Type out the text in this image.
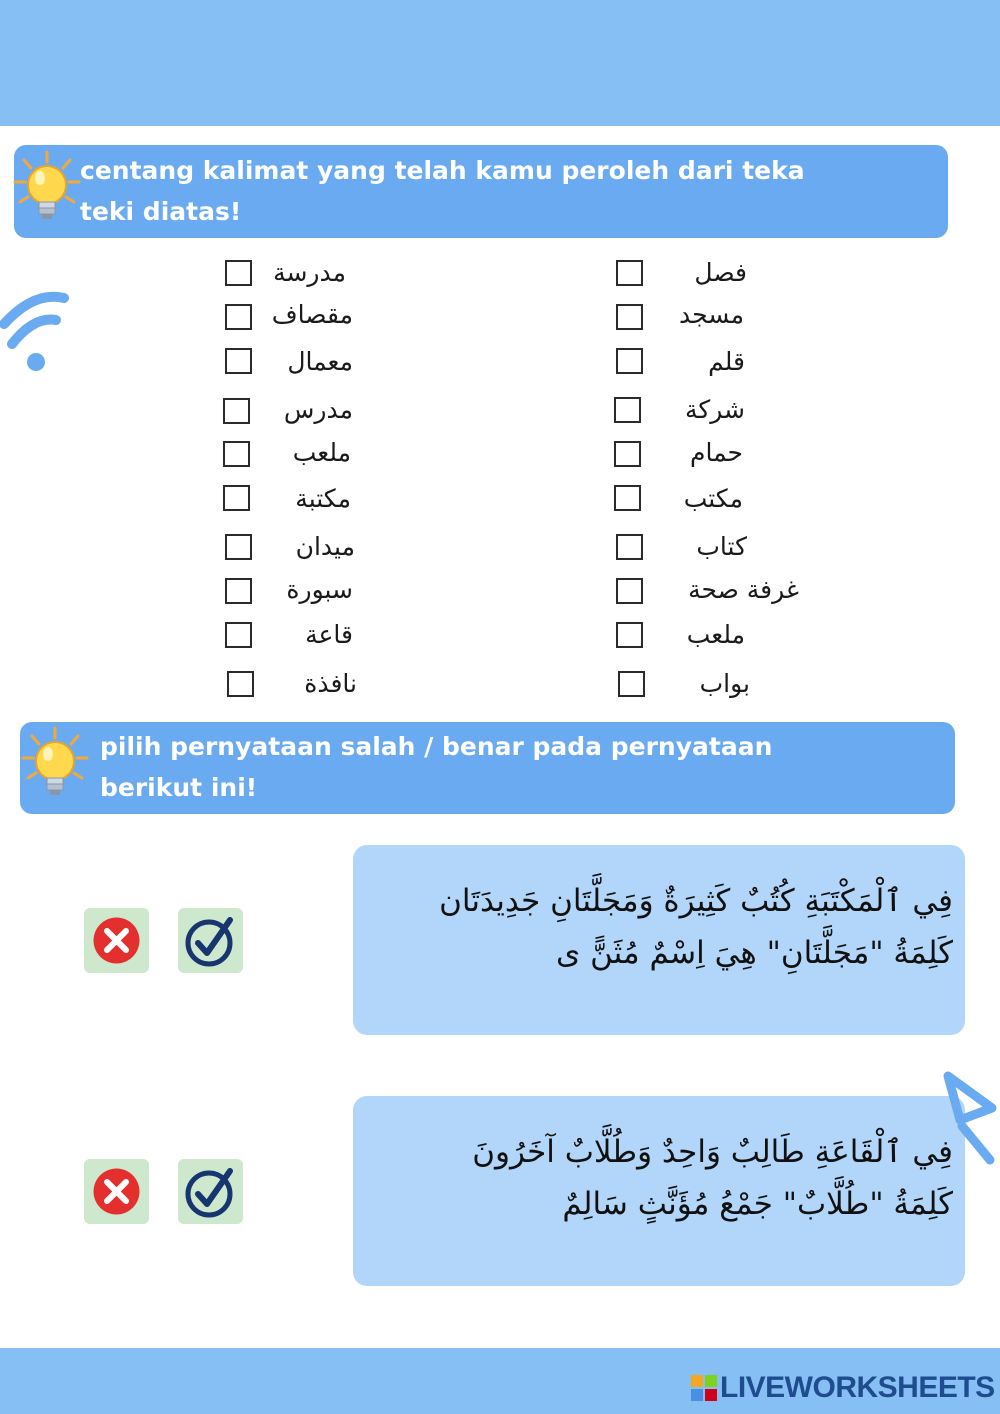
centang kalimat yang telah kamu peroleh dari teka
teki diatas!
مدرسة
مقصاف
معمال
مدرس
ملعب
مكتبة
ميدان
سبورة
قاعة
نافذة
فصل
مسجد
قلم
شركة
حمام
مكتب
كتاب
غرفة صحة
ملعب
بواب
pilih pernyataan salah / benar pada pernyataan
berikut ini!
فِي ٱلْمَكْتَبَةِ كُتُبٌ كَثِيرَةٌ وَمَجَلَّتَانِ جَدِيدَتَان
كَلِمَةُ "مَجَلَّتَانِ" هِيَ اِسْمٌ مُثَنًّ ى
فِي ٱلْقَاعَةِ طَالِبٌ وَاحِدٌ وَطُلَّابٌ آخَرُونَ
كَلِمَةُ "طُلَّابٌ" جَمْعُ مُؤَنَّثٍ سَالِمٌ
LIVEWORKSHEETS
